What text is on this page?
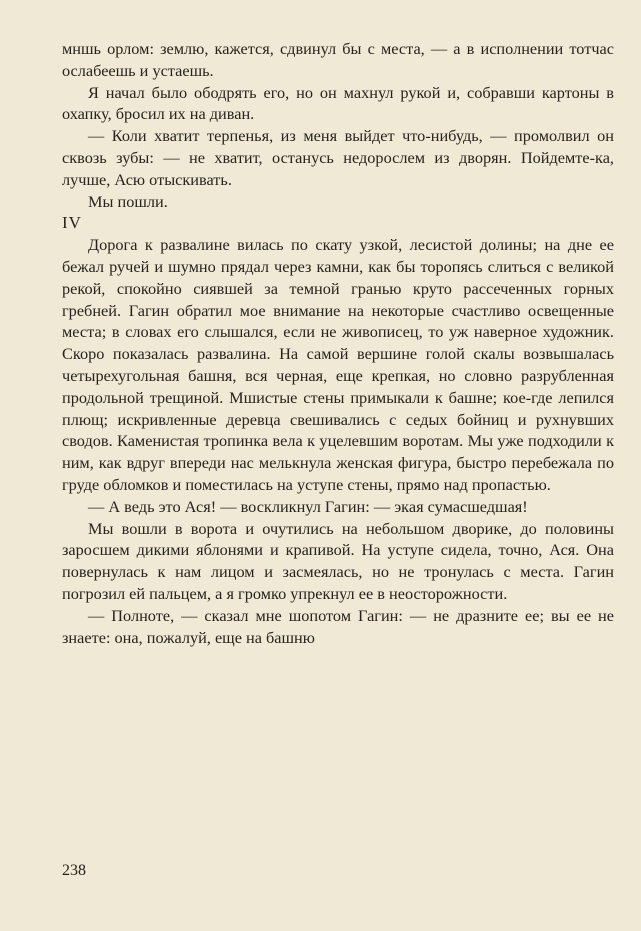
мншь орлом: землю, кажется, сдвинул бы с места, — а в исполнении тотчас ослабеешь и устаешь.

Я начал было ободрять его, но он махнул рукой и, собравши картоны в охапку, бросил их на диван.

— Коли хватит терпенья, из меня выйдет что-нибудь, — промолвил он сквозь зубы: — не хватит, останусь недорослем из дворян. Пойдемте-ка, лучше, Асю отыскивать.

Мы пошли.

IV

Дорога к развалине вилась по скату узкой, лесистой долины; на дне ее бежал ручей и шумно прядал через камни, как бы торопясь слиться с великой рекой, спокойно сиявшей за темной гранью круто рассеченных горных гребней. Гагин обратил мое внимание на некоторые счастливо освещенные места; в словах его слышался, если не живописец, то уж наверное художник. Скоро показалась развалина. На самой вершине голой скалы возвышалась четырехугольная башня, вся черная, еще крепкая, но словно разрубленная продольной трещиной. Мшистые стены примыкали к башне; кое-где лепился плющ; искривленные деревца свешивались с седых бойниц и рухнувших сводов. Каменистая тропинка вела к уцелевшим воротам. Мы уже подходили к ним, как вдруг впереди нас мелькнула женская фигура, быстро перебежала по груде обломков и поместилась на уступе стены, прямо над пропастью.

— А ведь это Ася! — воскликнул Гагин: — экая сумасшедшая!

Мы вошли в ворота и очутились на небольшом дворике, до половины заросшем дикими яблонями и крапивой. На уступе сидела, точно, Ася. Она повернулась к нам лицом и засмеялась, но не тронулась с места. Гагин погрозил ей пальцем, а я громко упрекнул ее в неосторожности.

— Полноте, — сказал мне шопотом Гагин: — не дразните ее; вы ее не знаете: она, пожалуй, еще на башню

238
